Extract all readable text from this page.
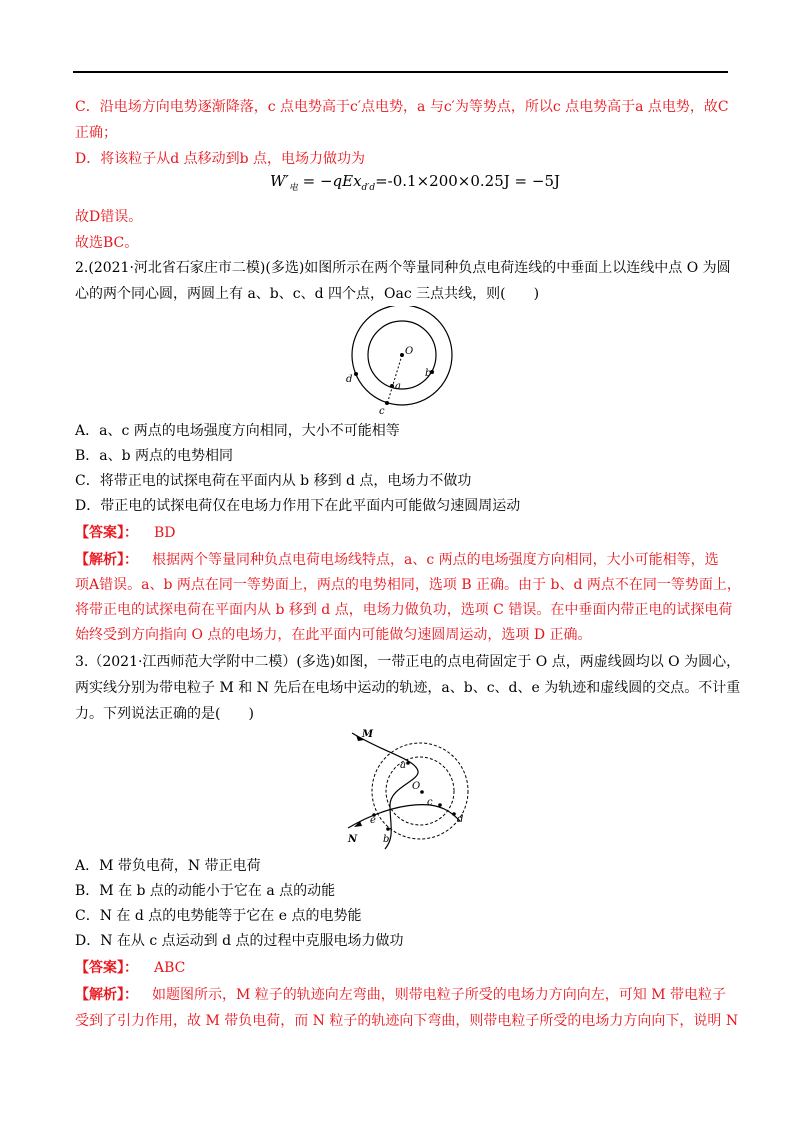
C．沿电场方向电势逐渐降落，c 点电势高于c′点电势，a 与c′为等势点，所以c 点电势高于a 点电势，故C
正确；
D．将该粒子从d 点移动到b 点，电场力做功为
$W'_电 = -qEx_{d'd}=-0.1\times 200\times 0.25J = -5J$
故D错误。
故选BC。
2.(2021·河北省石家庄市二模)(多选)如图所示在两个等量同种负点电荷连线的中垂面上以连线中点 O 为圆
心的两个同心圆，两圆上有 a、b、c、d 四个点，Oac 三点共线，则(　　)
O
a
b
c
d
A．a、c 两点的电场强度方向相同，大小不可能相等
B．a、b 两点的电势相同
C．将带正电的试探电荷在平面内从 b 移到 d 点，电场力不做功
D．带正电的试探电荷仅在电场力作用下在此平面内可能做匀速圆周运动
【答案】： BD
【解析】： 根据两个等量同种负点电荷电场线特点，a、c 两点的电场强度方向相同，大小可能相等，选
项A错误。a、b 两点在同一等势面上，两点的电势相同，选项 B 正确。由于 b、d 两点不在同一等势面上，
将带正电的试探电荷在平面内从 b 移到 d 点，电场力做负功，选项 C 错误。在中垂面内带正电的试探电荷
始终受到方向指向 O 点的电场力，在此平面内可能做匀速圆周运动，选项 D 正确。
3.（2021·江西师范大学附中二模）(多选)如图，一带正电的点电荷固定于 O 点，两虚线圆均以 O 为圆心，
两实线分别为带电粒子 M 和 N 先后在电场中运动的轨迹，a、b、c、d、e 为轨迹和虚线圆的交点。不计重
力。下列说法正确的是(　　)
M
N
O
a
b
c
d
e
A．M 带负电荷，N 带正电荷
B．M 在 b 点的动能小于它在 a 点的动能
C．N 在 d 点的电势能等于它在 e 点的电势能
D．N 在从 c 点运动到 d 点的过程中克服电场力做功
【答案】： ABC
【解析】： 如题图所示，M 粒子的轨迹向左弯曲，则带电粒子所受的电场力方向向左，可知 M 带电粒子
受到了引力作用，故 M 带负电荷，而 N 粒子的轨迹向下弯曲，则带电粒子所受的电场力方向向下，说明 N
